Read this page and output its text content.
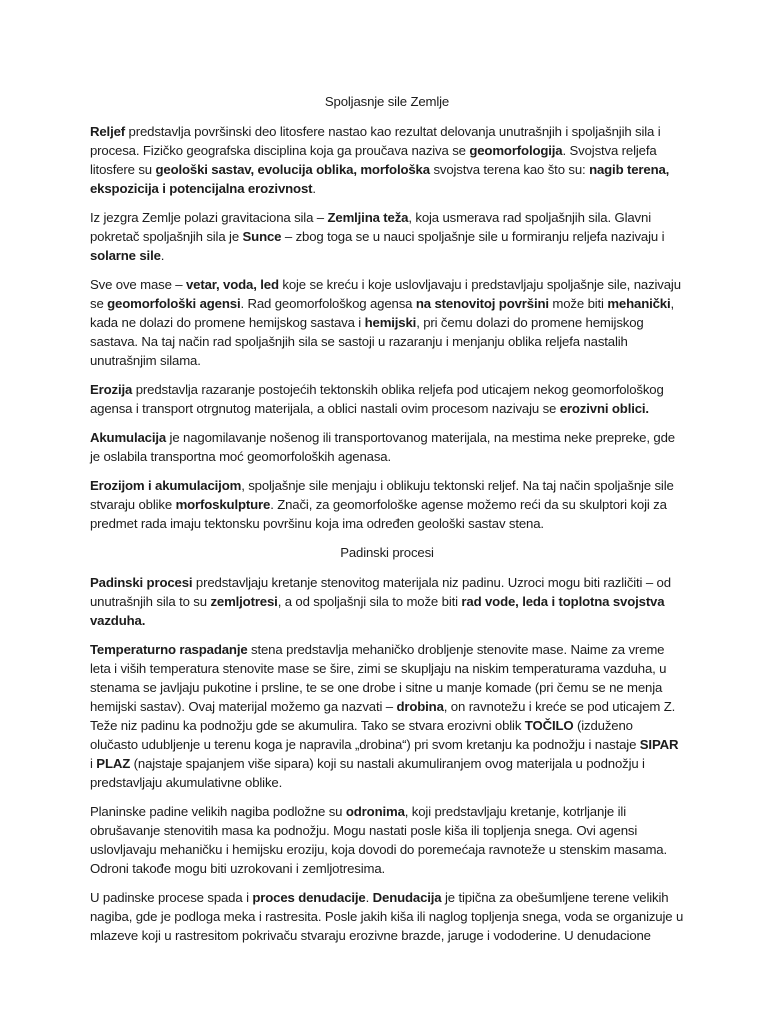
Spoljasnje sile Zemlje

Reljef predstavlja površinski deo litosfere nastao kao rezultat delovanja unutrašnjih i spoljašnjih sila i procesa. Fizičko geografska disciplina koja ga proučava naziva se geomorfologija. Svojstva reljefa litosfere su geološki sastav, evolucija oblika, morfološka svojstva terena kao što su: nagib terena, ekspozicija i potencijalna erozivnost.

Iz jezgra Zemlje polazi gravitaciona sila – Zemljina teža, koja usmerava rad spoljašnjih sila. Glavni pokretač spoljašnjih sila je Sunce – zbog toga se u nauci spoljašnje sile u formiranju reljefa nazivaju i solarne sile.

Sve ove mase – vetar, voda, led koje se kreću i koje uslovljavaju i predstavljaju spoljašnje sile, nazivaju se geomorfološki agensi. Rad geomorfološkog agensa na stenovitoj površini može biti mehanički, kada ne dolazi do promene hemijskog sastava i hemijski, pri čemu dolazi do promene hemijskog sastava. Na taj način rad spoljašnjih sila se sastoji u razaranju i menjanju oblika reljefa nastalih unutrašnjim silama.

Erozija predstavlja razaranje postojećih tektonskih oblika reljefa pod uticajem nekog geomorfološkog agensa i transport otrgnutog materijala, a oblici nastali ovim procesom nazivaju se erozivni oblici.

Akumulacija je nagomilavanje nošenog ili transportovanog materijala, na mestima neke prepreke, gde je oslabila transportna moć geomorfoloških agenasa.

Erozijom i akumulacijom, spoljašnje sile menjaju i oblikuju tektonski reljef. Na taj način spoljašnje sile stvaraju oblike morfoskulpture. Znači, za geomorfološke agense možemo reći da su skulptori koji za predmet rada imaju tektonsku površinu koja ima određen geološki sastav stena.

Padinski procesi

Padinski procesi predstavljaju kretanje stenovitog materijala niz padinu. Uzroci mogu biti različiti – od unutrašnjih sila to su zemljotresi, a od spoljašnji sila to može biti rad vode, leda i toplotna svojstva vazduha.

Temperaturno raspadanje stena predstavlja mehaničko drobljenje stenovite mase. Naime za vreme leta i viših temperatura stenovite mase se šire, zimi se skupljaju na niskim temperaturama vazduha, u stenama se javljaju pukotine i prsline, te se one drobe i sitne u manje komade (pri čemu se ne menja hemijski sastav). Ovaj materijal možemo ga nazvati – drobina, on ravnotežu i kreće se pod uticajem Z. Teže niz padinu ka podnožju gde se akumulira. Tako se stvara erozivni oblik TOČILO (izduženo olučasto udubljenje u terenu koga je napravila „drobina“) pri svom kretanju ka podnožju i nastaje SIPAR i PLAZ (najstaje spajanjem više sipara) koji su nastali akumuliranjem ovog materijala u podnožju i predstavljaju akumulativne oblike.

Planinske padine velikih nagiba podložne su odronima, koji predstavljaju kretanje, kotrljanje ili obrušavanje stenovitih masa ka podnožju. Mogu nastati posle kiša ili topljenja snega. Ovi agensi uslovljavaju mehaničku i hemijsku eroziju, koja dovodi do poremećaja ravnoteže u stenskim masama. Odroni takođe mogu biti uzrokovani i zemljotresima.

U padinske procese spada i proces denudacije. Denudacija je tipična za obešumljene terene velikih nagiba, gde je podloga meka i rastresita. Posle jakih kiša ili naglog topljenja snega, voda se organizuje u mlazeve koji u rastresitom pokrivaču stvaraju erozivne brazde, jaruge i vododerine. U denudacione
